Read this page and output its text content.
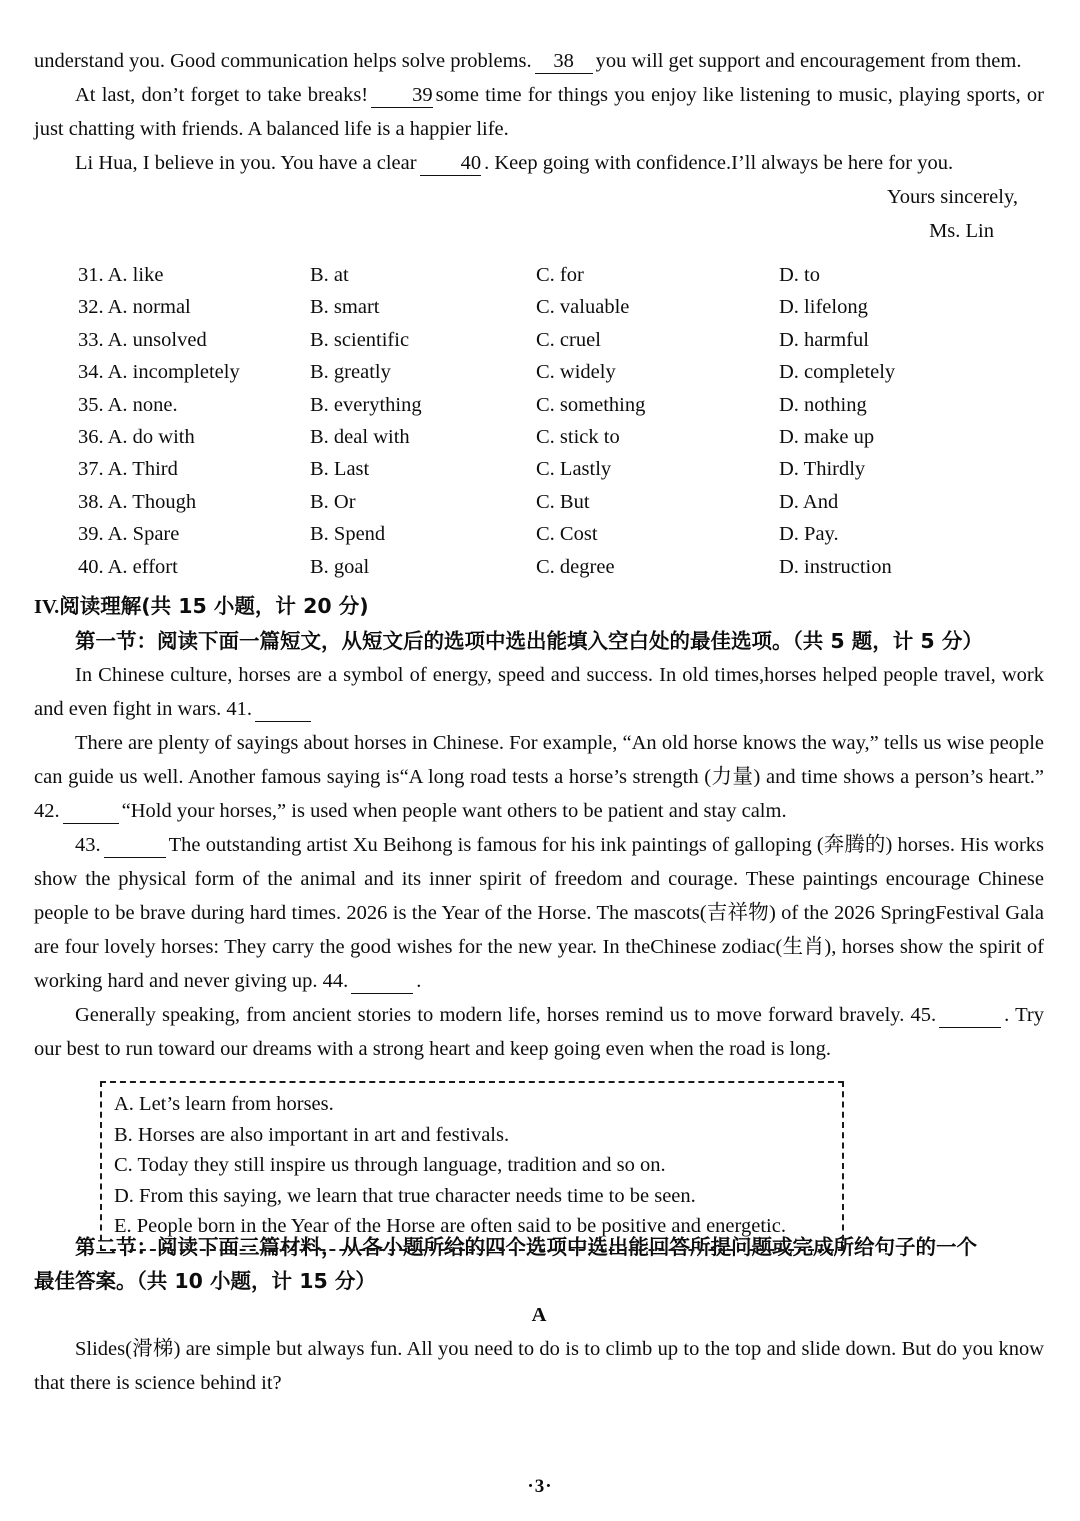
understand you. Good communication helps solve problems. 38 you will get support and encouragement from them.

At last, don’t forget to take breaks! 39 some time for things you enjoy like listening to music, playing sports, or just chatting with friends. A balanced life is a happier life.

Li Hua, I believe in you. You have a clear 40 . Keep going with confidence.I’ll always be here for you.

Yours sincerely,

Ms. Lin

31. A. like	B. at	C. for	D. to
32. A. normal	B. smart	C. valuable	D. lifelong
33. A. unsolved	B. scientific	C. cruel	D. harmful
34. A. incompletely	B. greatly	C. widely	D. completely
35. A. none.	B. everything	C. something	D. nothing
36. A. do with	B. deal with	C. stick to	D. make up
37. A. Third	B. Last	C. Lastly	D. Thirdly
38. A. Though	B. Or	C. But	D. And
39. A. Spare	B. Spend	C. Cost	D. Pay.
40. A. effort	B. goal	C. degree	D. instruction

IV.阅读理解(共 15 小题，计 20 分)

第一节：阅读下面一篇短文，从短文后的选项中选出能填入空白处的最佳选项。（共 5 题，计 5 分）

In Chinese culture, horses are a symbol of energy, speed and success. In old times,horses helped people travel, work and even fight in wars. 41.

There are plenty of sayings about horses in Chinese. For example, “An old horse knows the way,” tells us wise people can guide us well. Another famous saying is“A long road tests a horse’s strength (力量) and time shows a person’s heart.” 42.	“Hold your horses,” is used when people want others to be patient and stay calm.

43.	The outstanding artist Xu Beihong is famous for his ink paintings of galloping (奔腾的) horses. His works show the physical form of the animal and its inner spirit of freedom and courage. These paintings encourage Chinese people to be brave during hard times. 2026 is the Year of the Horse. The mascots(吉祥物) of the 2026 SpringFestival Gala are four lovely horses: They carry the good wishes for the new year. In theChinese zodiac(生肖), horses show the spirit of working hard and never giving up. 44.	.

Generally speaking, from ancient stories to modern life, horses remind us to move forward bravely. 45.	. Try our best to run toward our dreams with a strong heart and keep going even when the road is long.

第二节：阅读下面三篇材料，从各小题所给的四个选项中选出能回答所提问题或完成所给句子的一个

最佳答案。（共 10 小题，计 15 分）

A

Slides(滑梯) are simple but always fun. All you need to do is to climb up to the top and slide down. But do you know that there is science behind it?

A. Let’s learn from horses.
B. Horses are also important in art and festivals.
C. Today they still inspire us through language, tradition and so on.
D. From this saying, we learn that true character needs time to be seen.
E. People born in the Year of the Horse are often said to be positive and energetic.
·3·
